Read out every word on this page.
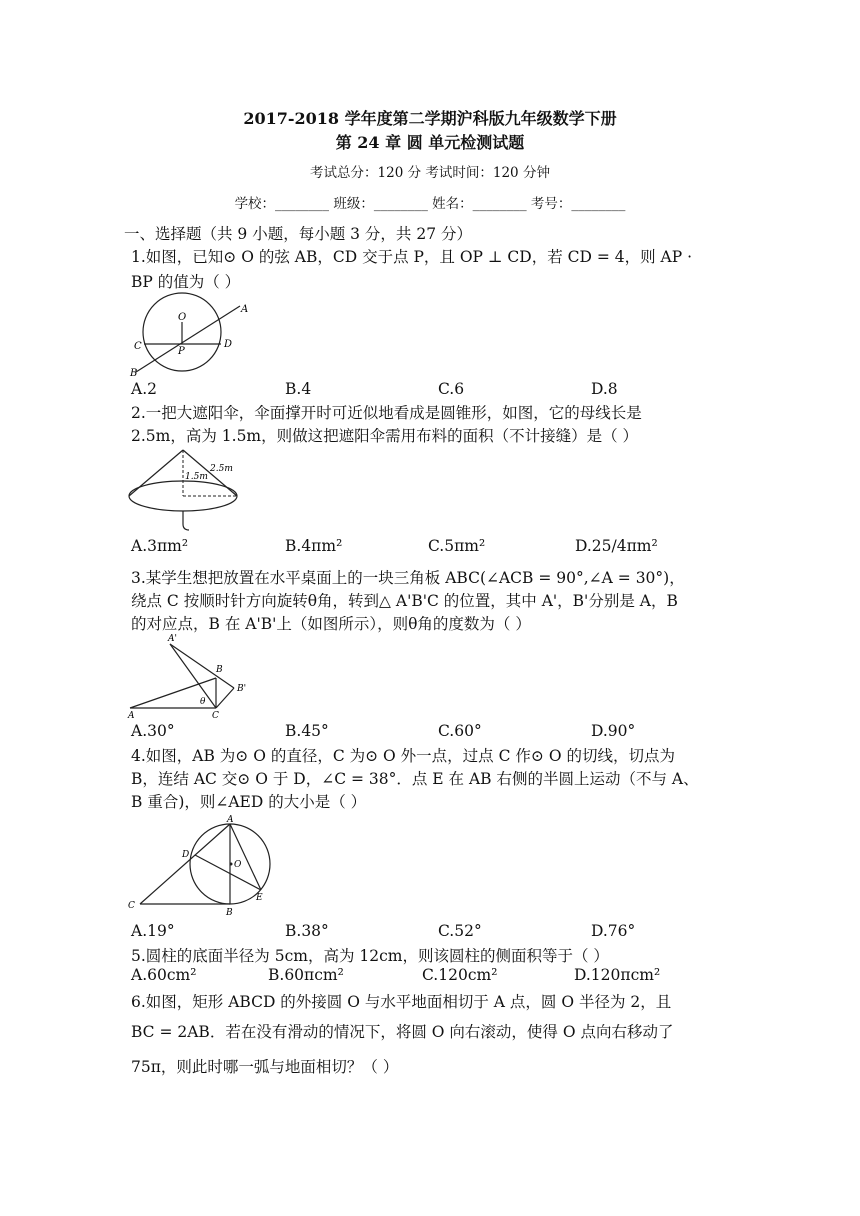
2017-2018 学年度第二学期沪科版九年级数学下册
第 24 章 圆 单元检测试题
考试总分：120 分 考试时间：120 分钟
学校：________ 班级：________ 姓名：________ 考号：________
一、选择题（共 9 小题，每小题 3 分，共 27 分）
1.如图，已知⊙ O 的弦 AB，CD 交于点 P，且 OP ⊥ CD，若 CD = 4，则 AP ·
BP 的值为（ ）
A
O
C	P
D
B
A.2	B.4	C.6	D.8
2.一把大遮阳伞，伞面撑开时可近似地看成是圆锥形，如图，它的母线长是
2.5m，高为 1.5m，则做这把遮阳伞需用布料的面积（不计接缝）是（ ）
2.5m
1.5m
A.3πm²	B.4πm²	C.5πm²	D.25/4πm²
3.某学生想把放置在水平桌面上的一块三角板 ABC(∠ACB = 90°,∠A = 30°)，
绕点 C 按顺时针方向旋转θ角，转到△ A'B'C 的位置，其中 A'，B'分别是 A，B
的对应点，B 在 A'B'上（如图所示），则θ角的度数为（ ）
A'
B
B'
θ
A	C
A.30°	B.45°	C.60°	D.90°
4.如图，AB 为⊙ O 的直径，C 为⊙ O 外一点，过点 C 作⊙ O 的切线，切点为
B，连结 AC 交⊙ O 于 D，∠C = 38°．点 E 在 AB 右侧的半圆上运动（不与 A、
B 重合)，则∠AED 的大小是（ ）
A
D
O
C
B
E
A.19°	B.38°	C.52°	D.76°
5.圆柱的底面半径为 5cm，高为 12cm，则该圆柱的侧面积等于（ ）
A.60cm²	B.60πcm²	C.120cm²	D.120πcm²
6.如图，矩形 ABCD 的外接圆 O 与水平地面相切于 A 点，圆 O 半径为 2，且
BC = 2AB．若在没有滑动的情况下，将圆 O 向右滚动，使得 O 点向右移动了
75π，则此时哪一弧与地面相切？（ ）
